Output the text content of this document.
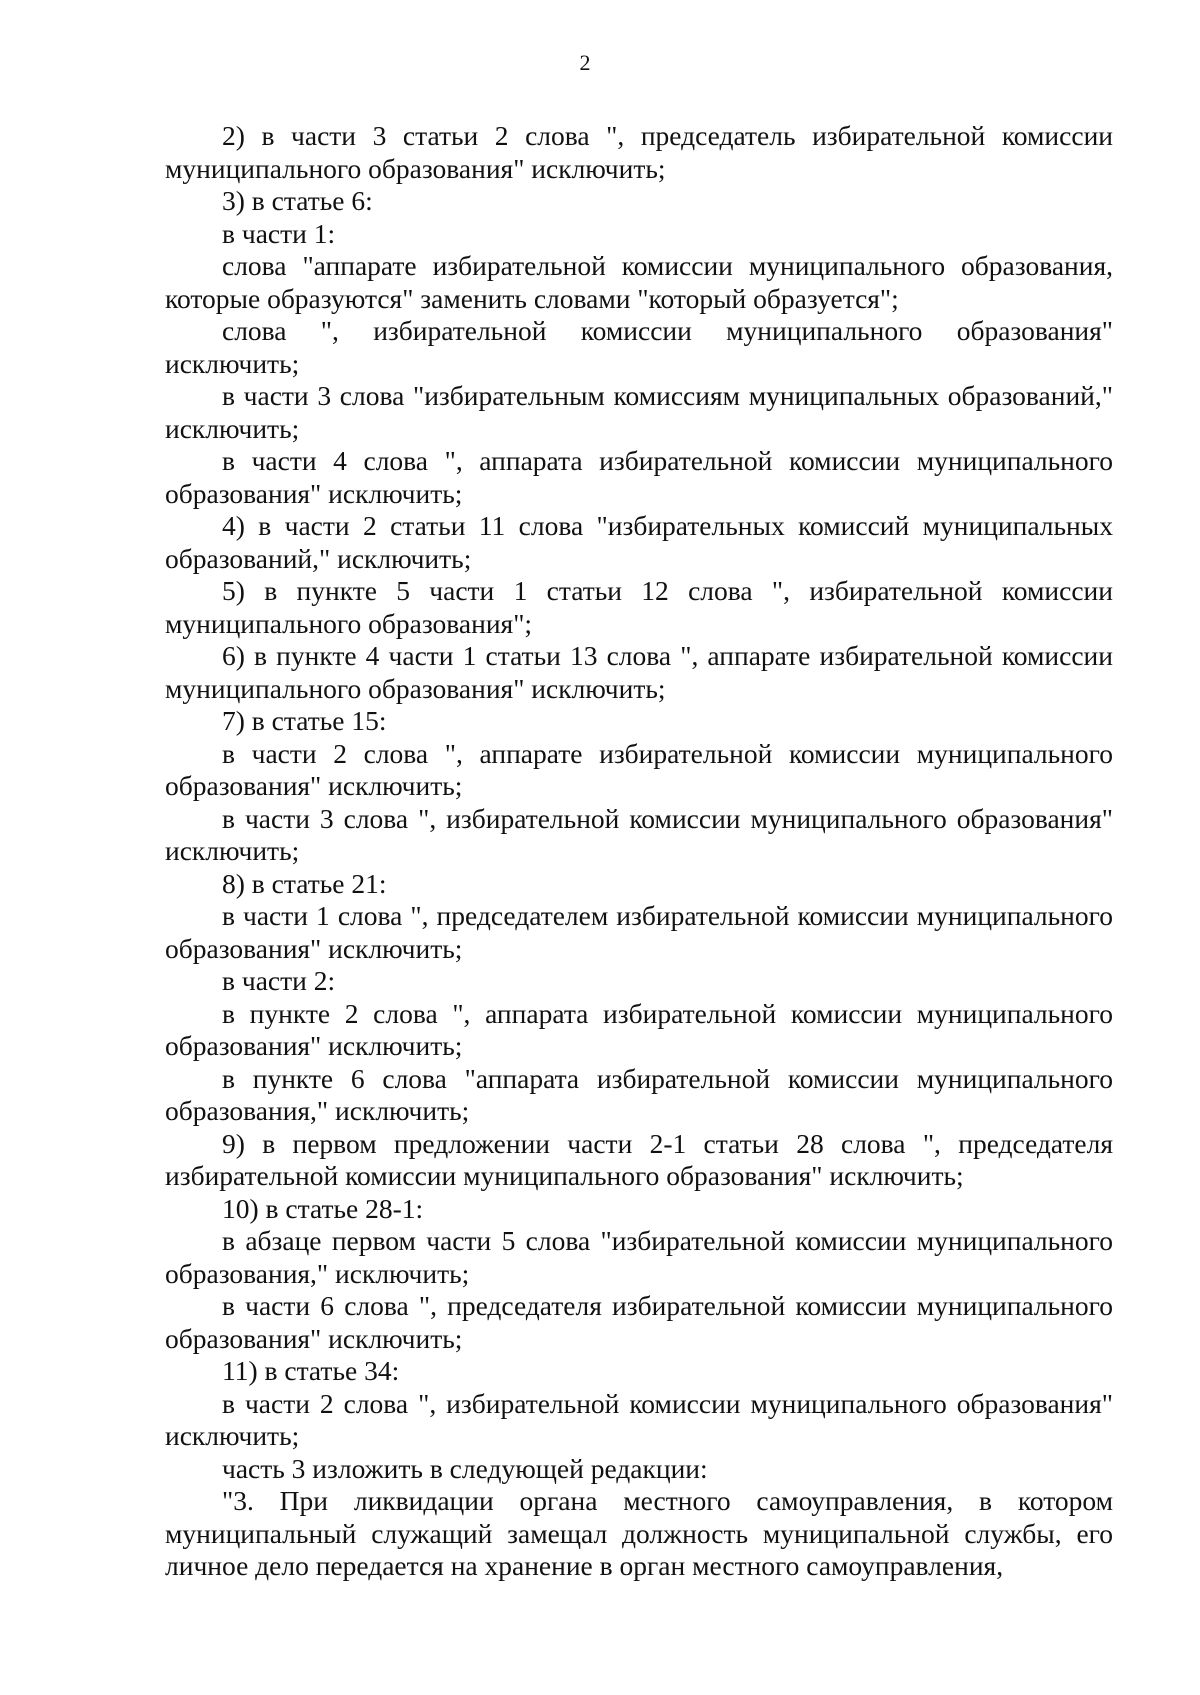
2

2) в части 3 статьи 2 слова ", председатель избирательной комиссии муниципального образования" исключить;

3) в статье 6:

в части 1:

слова "аппарате избирательной комиссии муниципального образования, которые образуются" заменить словами "который образуется";

слова ", избирательной комиссии муниципального образования" исключить;

в части 3 слова "избирательным комиссиям муниципальных образований," исключить;

в части 4 слова ", аппарата избирательной комиссии муниципального образования" исключить;

4) в части 2 статьи 11 слова "избирательных комиссий муниципальных образований," исключить;

5) в пункте 5 части 1 статьи 12 слова ", избирательной комиссии муниципального образования";

6) в пункте 4 части 1 статьи 13 слова ", аппарате избирательной комиссии муниципального образования" исключить;

7) в статье 15:

в части 2 слова ", аппарате избирательной комиссии муниципального образования" исключить;

в части 3 слова ", избирательной комиссии муниципального образования" исключить;

8) в статье 21:

в части 1 слова ", председателем избирательной комиссии муниципального образования" исключить;

в части 2:

в пункте 2 слова ", аппарата избирательной комиссии муниципального образования" исключить;

в пункте 6 слова "аппарата избирательной комиссии муниципального образования," исключить;

9) в первом предложении части 2-1 статьи 28 слова ", председателя избирательной комиссии муниципального образования" исключить;

10) в статье 28-1:

в абзаце первом части 5 слова "избирательной комиссии муниципального образования," исключить;

в части 6 слова ", председателя избирательной комиссии муниципального образования" исключить;

11) в статье 34:

в части 2 слова ", избирательной комиссии муниципального образования" исключить;

часть 3 изложить в следующей редакции:

"3. При ликвидации органа местного самоуправления, в котором муниципальный служащий замещал должность муниципальной службы, его личное дело передается на хранение в орган местного самоуправления,
